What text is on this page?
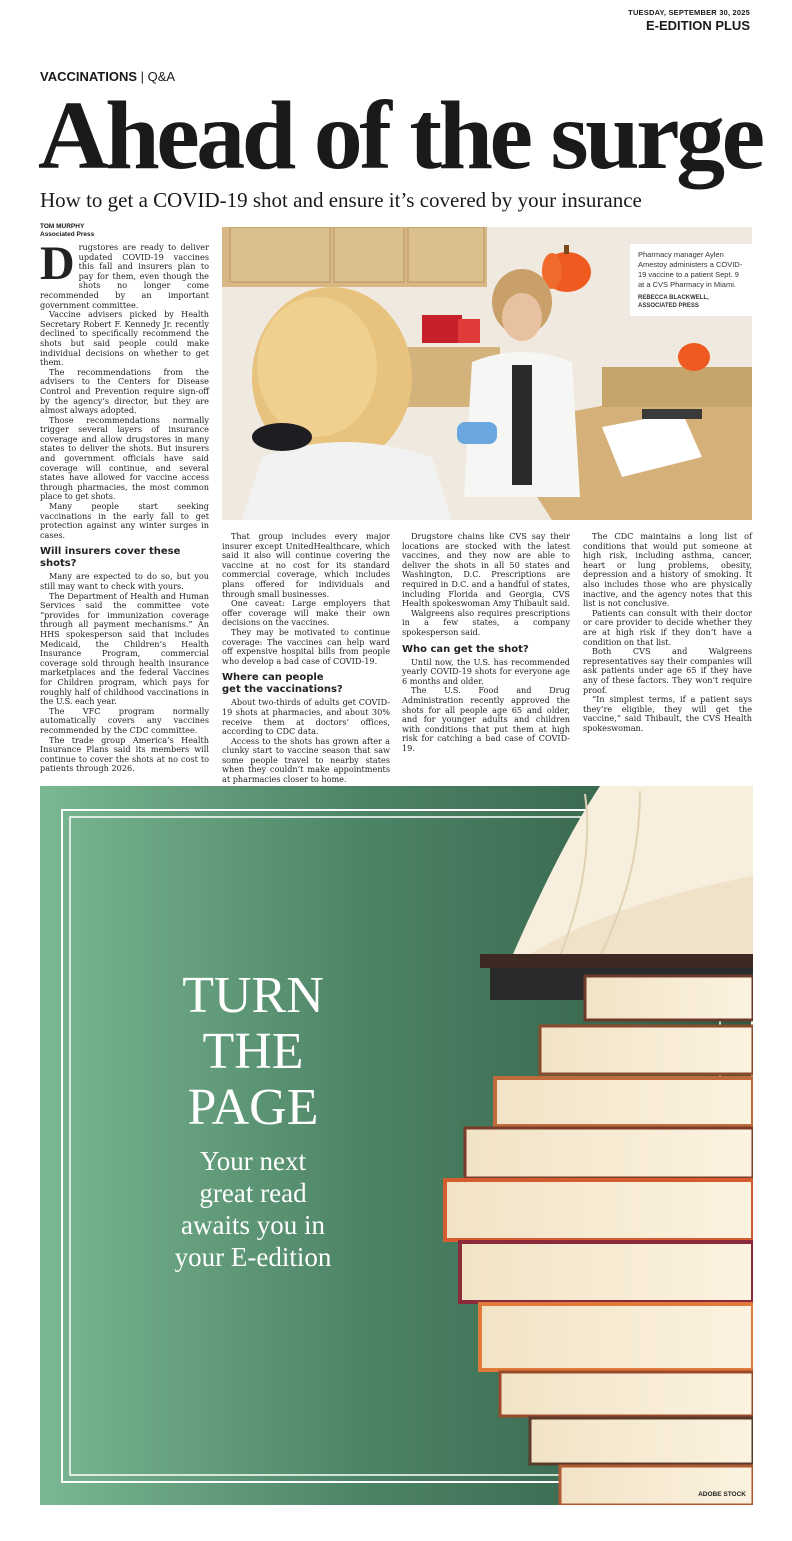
TUESDAY, SEPTEMBER 30, 2025
E-EDITION PLUS
VACCINATIONS | Q&A
Ahead of the surge
How to get a COVID-19 shot and ensure it’s covered by your insurance
TOM MURPHY
Associated Press

Drugstores are ready to deliver updated COVID-19 vaccines this fall and insurers plan to pay for them, even though the shots no longer come recommended by an important government committee.

Vaccine advisers picked by Health Secretary Robert F. Kennedy Jr. recently declined to specifically recommend the shots but said people could make individual decisions on whether to get them.

The recommendations from the advisers to the Centers for Disease Control and Prevention require sign-off by the agency’s director, but they are almost always adopted.

Those recommendations normally trigger several layers of insurance coverage and allow drugstores in many states to deliver the shots. But insurers and government officials have said coverage will continue, and several states have allowed for vaccine access through pharmacies, the most common place to get shots.

Many people start seeking vaccinations in the early fall to get protection against any winter surges in cases.

Will insurers cover these shots?

Many are expected to do so, but you still may want to check with yours.

The Department of Health and Human Services said the committee vote “provides for immunization coverage through all payment mechanisms.” An HHS spokesperson said that includes Medicaid, the Children’s Health Insurance Program, commercial coverage sold through health insurance marketplaces and the federal Vaccines for Children program, which pays for roughly half of childhood vaccinations in the U.S. each year.

The VFC program normally automatically covers any vaccines recommended by the CDC committee.

The trade group America’s Health Insurance Plans said its members will continue to cover the shots at no cost to patients through 2026.

Pharmacy manager Aylen Amestoy administers a COVID-19 vaccine to a patient Sept. 9 at a CVS Pharmacy in Miami.
REBECCA BLACKWELL, ASSOCIATED PRESS

That group includes every major insurer except UnitedHealthcare, which said it also will continue covering the vaccine at no cost for its standard commercial coverage, which includes plans offered for individuals and through small businesses.

One caveat: Large employers that offer coverage will make their own decisions on the vaccines.

They may be motivated to continue coverage: The vaccines can help ward off expensive hospital bills from people who develop a bad case of COVID-19.

Where can people
get the vaccinations?

About two-thirds of adults get COVID-19 shots at pharmacies, and about 30% receive them at doctors’ offices, according to CDC data.

Access to the shots has grown after a clunky start to vaccine season that saw some people travel to nearby states when they couldn’t make appointments at pharmacies closer to home.

Drugstore chains like CVS say their locations are stocked with the latest vaccines, and they now are able to deliver the shots in all 50 states and Washington, D.C. Prescriptions are required in D.C. and a handful of states, including Florida and Georgia, CVS Health spokeswoman Amy Thibault said.

Walgreens also requires prescriptions in a few states, a company spokesperson said.

Who can get the shot?

Until now, the U.S. has recommended yearly COVID-19 shots for everyone age 6 months and older.

The U.S. Food and Drug Administration recently approved the shots for all people age 65 and older, and for younger adults and children with conditions that put them at high risk for catching a bad case of COVID-19.

The CDC maintains a long list of conditions that would put someone at high risk, including asthma, cancer, heart or lung problems, obesity, depression and a history of smoking. It also includes those who are physically inactive, and the agency notes that this list is not conclusive.

Patients can consult with their doctor or care provider to decide whether they are at high risk if they don’t have a condition on that list.

Both CVS and Walgreens representatives say their companies will ask patients under age 65 if they have any of these factors. They won’t require proof.

“In simplest terms, if a patient says they’re eligible, they will get the vaccine,” said Thibault, the CVS Health spokeswoman.

TURN
THE
PAGE
Your next
great read
awaits you in
your E-edition
ADOBE STOCK
